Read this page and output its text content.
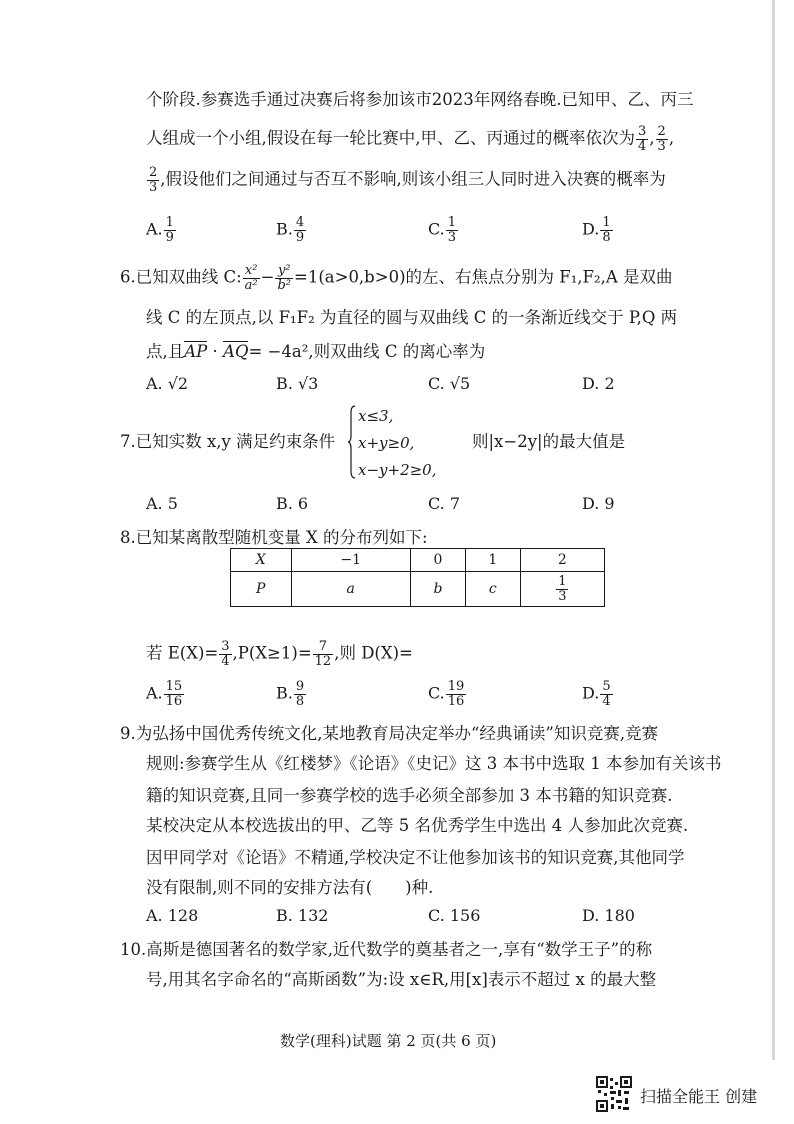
个阶段.参赛选手通过决赛后将参加该市2023年网络春晚.已知甲、乙、丙三
人组成一个小组,假设在每一轮比赛中,甲、乙、丙通过的概率依次为 $\frac{3}{4}$ , $\frac{2}{3}$ ,
$\frac{2}{3}$ ,假设他们之间通过与否互不影响,则该小组三人同时进入决赛的概率为
A. $\frac{1}{9}$	B. $\frac{4}{9}$	C. $\frac{1}{3}$	D. $\frac{1}{8}$
6.已知双曲线 C: $\frac{\text{x²}}{\text{a²}} - \frac{\text{y²}}{\text{b²}} =1(a>0,b>0)$的左、右焦点分别为 F₁,F₂,A 是双曲
线 C 的左顶点,以 F₁F₂ 为直径的圆与双曲线 C 的一条渐近线交于 P,Q 两
点,且AP · AQ= −4a²,则双曲线 C 的离心率为
A. √2	B. √3	C. √5	D. 2
7.已知实数 x,y 满足约束条件
x≤3,
x+y≥0,
x−y+2≥0,
则|x−2y|的最大值是
A. 5	B. 6	C. 7	D. 9
8.已知某离散型随机变量 X 的分布列如下:
X	−1	0	1	2
P	a	b	c	$\frac{1}{3}$
若 $E(X)= \frac{3}{4} ,P(X\ge 1)= \frac{7}{12}$ ,则 D(X)=
A. $\frac{15}{16}$	B. $\frac{9}{8}$	C. $\frac{19}{16}$	D. $\frac{5}{4}$
9.为弘扬中国优秀传统文化,某地教育局决定举办“经典诵读”知识竞赛,竞赛
规则:参赛学生从《红楼梦》《论语》《史记》这 3 本书中选取 1 本参加有关该书
籍的知识竞赛,且同一参赛学校的选手必须全部参加 3 本书籍的知识竞赛.
某校决定从本校选拔出的甲、乙等 5 名优秀学生中选出 4 人参加此次竞赛.
因甲同学对《论语》不精通,学校决定不让他参加该书的知识竞赛,其他同学
没有限制,则不同的安排方法有(　　)种.
A. 128	B. 132	C. 156	D. 180
10.高斯是德国著名的数学家,近代数学的奠基者之一,享有“数学王子”的称
号,用其名字命名的“高斯函数”为:设 x∈R,用[x]表示不超过 x 的最大整
数学(理科)试题 第 2 页(共 6 页)
扫描全能王 创建
